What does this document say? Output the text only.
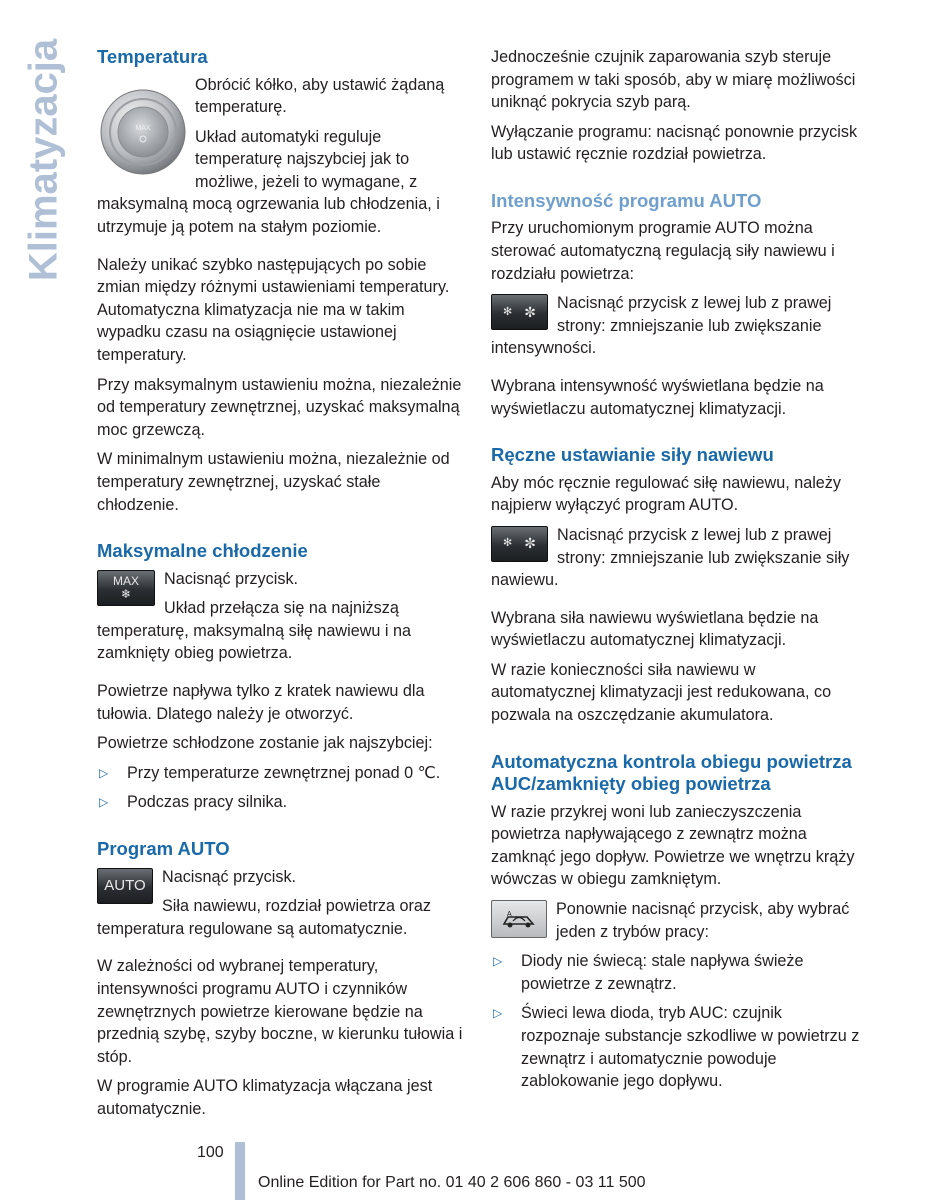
Klimatyzacja Temperatura
MAX

Obrócić kółko, aby ustawić żądaną temperaturę.

Układ automatyki reguluje temperaturę najszybciej jak to możliwe, jeżeli to wymagane, z maksymalną mocą ogrzewania lub chłodzenia, i utrzymuje ją potem na stałym poziomie.

Należy unikać szybko następujących po sobie zmian między różnymi ustawieniami temperatury. Automatyczna klimatyzacja nie ma w takim wypadku czasu na osiągnięcie ustawionej temperatury.

Przy maksymalnym ustawieniu można, niezależnie od temperatury zewnętrznej, uzyskać maksymalną moc grzewczą.

W minimalnym ustawieniu można, niezależnie od temperatury zewnętrznej, uzyskać stałe chłodzenie.

Maksymalne chłodzenie
MAX
❄

Nacisnąć przycisk.

Układ przełącza się na najniższą temperaturę, maksymalną siłę nawiewu i na zamknięty obieg powietrza.

Powietrze napływa tylko z kratek nawiewu dla tułowia. Dlatego należy je otworzyć.

Powietrze schłodzone zostanie jak najszybciej:

▷ Przy temperaturze zewnętrznej ponad 0 ℃.
▷ Podczas pracy silnika.
Program AUTO
AUTO	Nacisnąć przycisk.

Siła nawiewu, rozdział powietrza oraz temperatura regulowane są automatycznie.

W zależności od wybranej temperatury, intensywności programu AUTO i czynników zewnętrznych powietrze kierowane będzie na przednią szybę, szyby boczne, w kierunku tułowia i stóp.

W programie AUTO klimatyzacja włączana jest automatycznie.

Jednocześnie czujnik zaparowania szyb steruje programem w taki sposób, aby w miarę możliwości uniknąć pokrycia szyb parą.

Wyłączanie programu: nacisnąć ponownie przycisk lub ustawić ręcznie rozdział powietrza.

Intensywność programu AUTO

Przy uruchomionym programie AUTO można sterować automatyczną regulacją siły nawiewu i rozdziału powietrza:

✻ ✼	Nacisnąć przycisk z lewej lub z prawej strony: zmniejszanie lub zwiększanie intensywności.

Wybrana intensywność wyświetlana będzie na wyświetlaczu automatycznej klimatyzacji.

Ręczne ustawianie siły nawiewu

Aby móc ręcznie regulować siłę nawiewu, należy najpierw wyłączyć program AUTO.

✻ ✼	Nacisnąć przycisk z lewej lub z prawej strony: zmniejszanie lub zwiększanie siły nawiewu.

Wybrana siła nawiewu wyświetlana będzie na wyświetlaczu automatycznej klimatyzacji.

W razie konieczności siła nawiewu w automatycznej klimatyzacji jest redukowana, co pozwala na oszczędzanie akumulatora.

Automatyczna kontrola obiegu powietrza AUC/zamknięty obieg powietrza

W razie przykrej woni lub zanieczyszczenia powietrza napływającego z zewnątrz można zamknąć jego dopływ. Powietrze we wnętrzu krąży wówczas w obiegu zamkniętym.

A	Ponownie nacisnąć przycisk, aby wybrać jeden z trybów pracy:

▷ Diody nie świecą: stale napływa świeże powietrze z zewnątrz.
▷ Świeci lewa dioda, tryb AUC: czujnik rozpoznaje substancje szkodliwe w powietrzu z zewnątrz i automatycznie powoduje zablokowanie jego dopływu.
100
Online Edition for Part no. 01 40 2 606 860 - 03 11 500
